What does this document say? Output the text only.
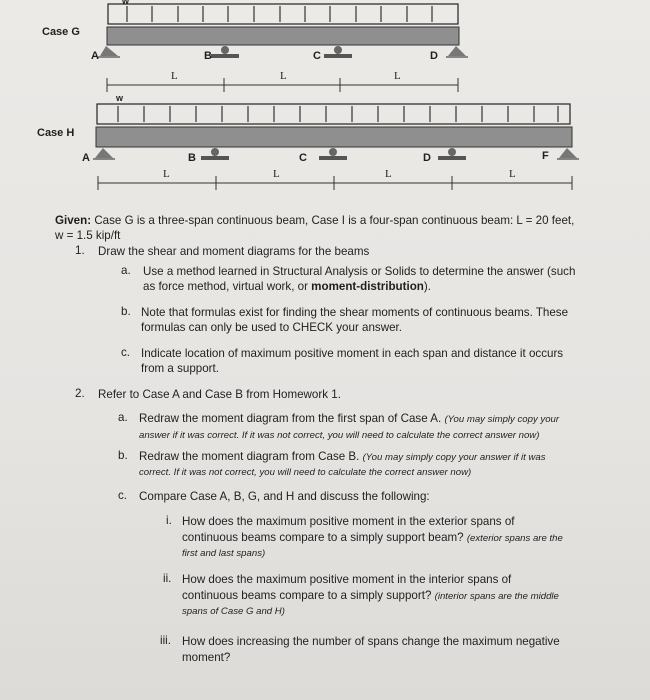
Case G
w
A	B	C	D
L	L	L
w
Case H
A	B	C	D	F
L	L	L	L
Given: Case G is a three-span continuous beam, Case I is a four-span continuous beam: L = 20 feet,
w = 1.5 kip/ft
1. Draw the shear and moment diagrams for the beams
a. Use a method learned in Structural Analysis or Solids to determine the answer (such
as force method, virtual work, or moment-distribution).
b. Note that formulas exist for finding the shear moments of continuous beams. These
formulas can only be used to CHECK your answer.
c. Indicate location of maximum positive moment in each span and distance it occurs
from a support.
2. Refer to Case A and Case B from Homework 1.
a. Redraw the moment diagram from the first span of Case A. (You may simply copy your
answer if it was correct. If it was not correct, you will need to calculate the correct answer now)
b. Redraw the moment diagram from Case B. (You may simply copy your answer if it was
correct. If it was not correct, you will need to calculate the correct answer now)
c. Compare Case A, B, G, and H and discuss the following:
i. How does the maximum positive moment in the exterior spans of
continuous beams compare to a simply support beam? (exterior spans are the
first and last spans)
ii. How does the maximum positive moment in the interior spans of
continuous beams compare to a simply support? (interior spans are the middle
spans of Case G and H)
iii. How does increasing the number of spans change the maximum negative
moment?
